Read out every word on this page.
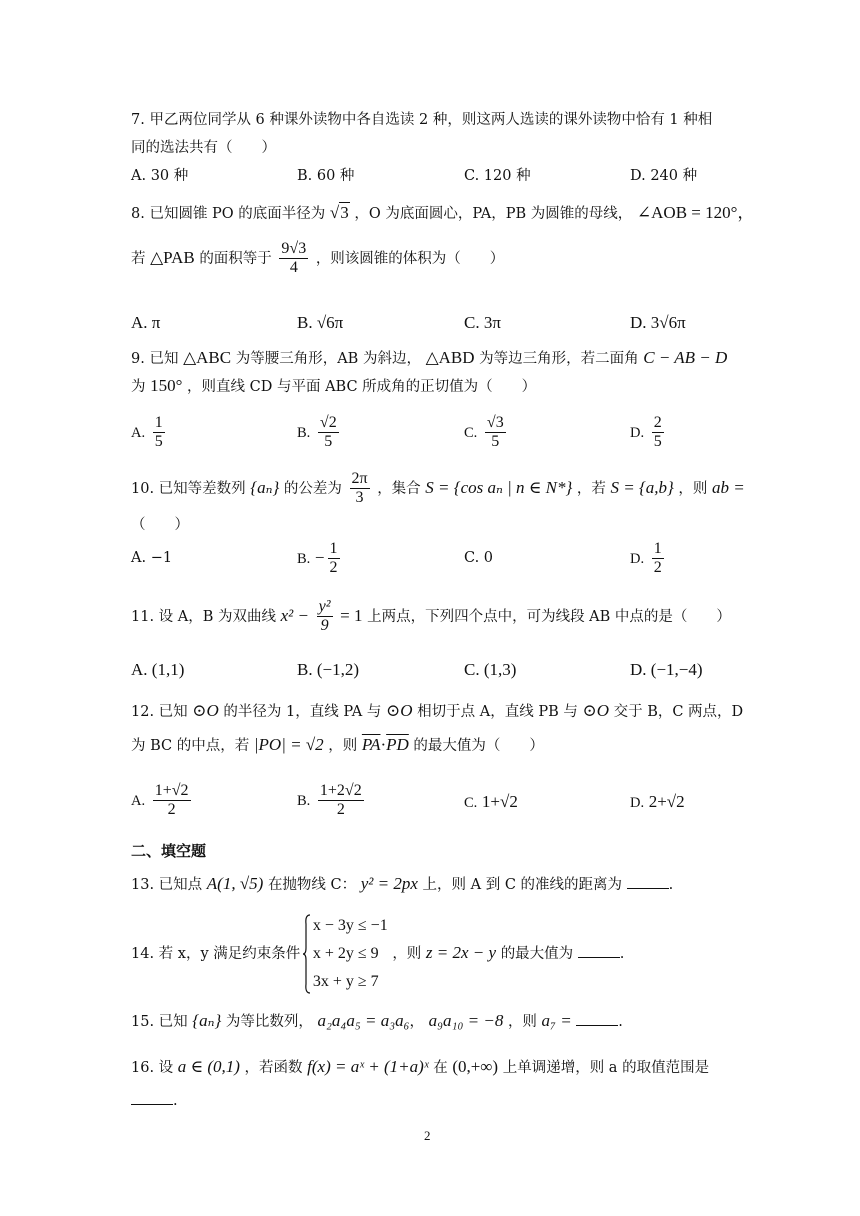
7. 甲乙两位同学从 6 种课外读物中各自选读 2 种，则这两人选读的课外读物中恰有 1 种相
同的选法共有（　　）
A. 30 种	B. 60 种	C. 120 种	D. 240 种
8. 已知圆锥 PO 的底面半径为 √3 ，O 为底面圆心，PA，PB 为圆锥的母线， ∠AOB = 120°，
若 △PAB 的面积等于 $\frac{9√3}{4}$ ，则该圆锥的体积为（　　）
A. π	B. √6π	C. 3π	D. 3√6π
9. 已知 △ABC 为等腰三角形，AB 为斜边， △ABD 为等边三角形，若二面角 C − AB − D
为 150° ，则直线 CD 与平面 ABC 所成角的正切值为（　　）
A. $\frac{1}{5}$	B. $\frac{√2}{5}$	C. $\frac{√3}{5}$	D. $\frac{2}{5}$
10. 已知等差数列 {aₙ} 的公差为 $\frac{2\pi}{3}$ ，集合 S = {cos aₙ | n ∈ N*} ，若 S = {a,b} ，则 ab =
（　　）
A. −1	B. − $\frac{1}{2}$	C. 0	D. $\frac{1}{2}$
11. 设 A，B 为双曲线 $x^2 - \frac{\text{y²}}{9} = 1$ 上两点，下列四个点中，可为线段 AB 中点的是（　　）
A. (1,1)	B. (−1,2)	C. (1,3)	D. (−1,−4)
12. 已知 ⊙O 的半径为 1，直线 PA 与 ⊙O 相切于点 A，直线 PB 与 ⊙O 交于 B，C 两点，D
为 BC 的中点，若 |PO| = √2 ，则 $\overline{PA}\cdot\overline{PD}$ 的最大值为（　　）
A. $\frac{1+√2}{2}$	B. $\frac{1+2√2}{2}$	C. 1+√2	D. 2+√2
二、填空题
13. 已知点 A(1, √5) 在抛物线 C： y² = 2px 上，则 A 到 C 的准线的距离为	.
14. 若 x，y 满足约束条件
x − 3y ≤ −1
x + 2y ≤ 9
3x + y ≥ 7
，则 z = 2x − y 的最大值为	.
15. 已知 {aₙ} 为等比数列， a₂a₄a₅ = a₃a₆， a₉a₁₀ = −8 ，则 a₇ =	.
16. 设 a ∈ (0,1) ，若函数 f(x) = aˣ + (1+a)ˣ 在 (0,+∞) 上单调递增，则 a 的取值范围是
.
2
